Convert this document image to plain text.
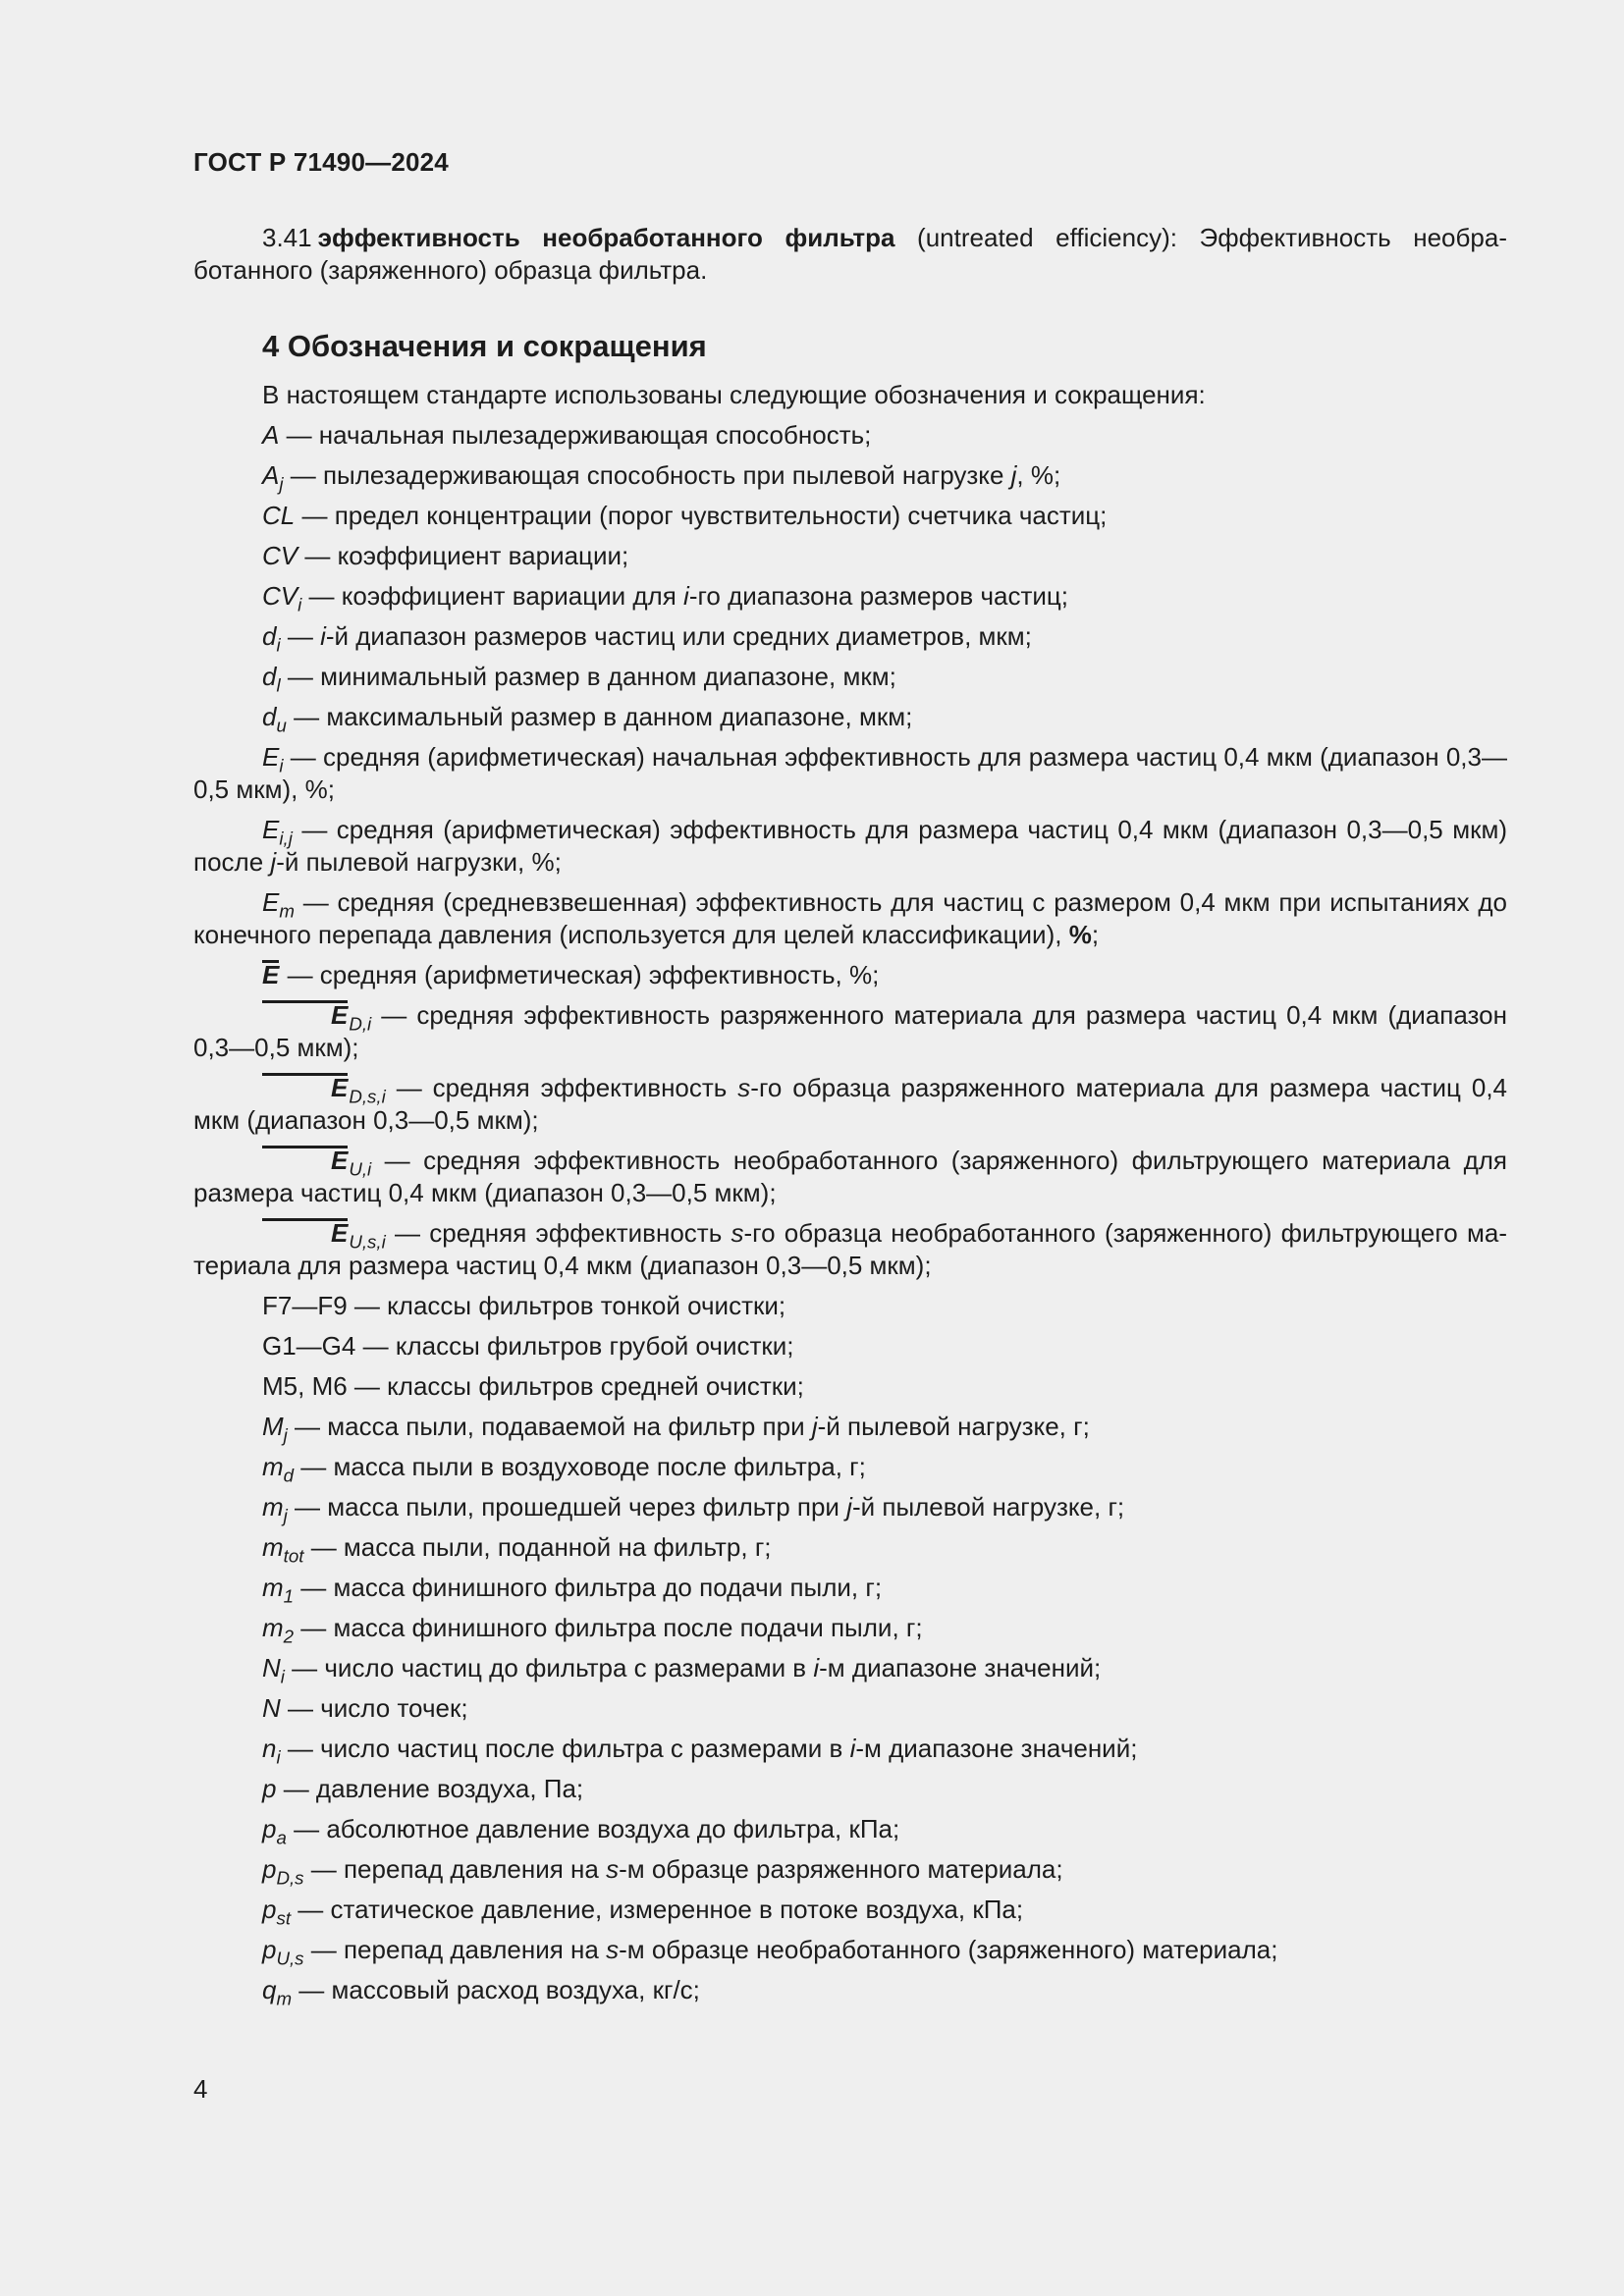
ГОСТ Р 71490—2024

3.41 эффективность необработанного фильтра (untreated efficiency): Эффективность необработанного (заряженного) образца фильтра.

4 Обозначения и сокращения
В настоящем стандарте использованы следующие обозначения и сокращения:
A — начальная пылезадерживающая способность;
$A_j$ — пылезадерживающая способность при пылевой нагрузке j, %;
CL — предел концентрации (порог чувствительности) счетчика частиц;
CV — коэффициент вариации;
$CV_i$ — коэффициент вариации для i-го диапазона размеров частиц;
$d_i$ — i-й диапазон размеров частиц или средних диаметров, мкм;
$d_l$ — минимальный размер в данном диапазоне, мкм;
$d_u$ — максимальный размер в данном диапазоне, мкм;
$E_i$ — средняя (арифметическая) начальная эффективность для размера частиц 0,4 мкм (диапазон 0,3—0,5 мкм), %;
$E_{i,j}$ — средняя (арифметическая) эффективность для размера частиц 0,4 мкм (диапазон 0,3—0,5 мкм) после j-й пылевой нагрузки, %;
$E_m$ — средняя (средневзвешенная) эффективность для частиц с размером 0,4 мкм при испытаниях до конечного перепада давления (используется для целей классификации), %;
E — средняя (арифметическая) эффективность, %;
$E_{D,i}$ — средняя эффективность разряженного материала для размера частиц 0,4 мкм (диапазон 0,3—0,5 мкм);
$E_{D,s,i}$ — средняя эффективность s-го образца разряженного материала для размера частиц 0,4 мкм (диапазон 0,3—0,5 мкм);
$E_{U,i}$ — средняя эффективность необработанного (заряженного) фильтрующего материала для размера частиц 0,4 мкм (диапазон 0,3—0,5 мкм);
$E_{U,s,i}$ — средняя эффективность s-го образца необработанного (заряженного) фильтрующего материала для размера частиц 0,4 мкм (диапазон 0,3—0,5 мкм);
F7—F9 — классы фильтров тонкой очистки;
G1—G4 — классы фильтров грубой очистки;
M5, M6 — классы фильтров средней очистки;
$M_j$ — масса пыли, подаваемой на фильтр при j-й пылевой нагрузке, г;
$m_d$ — масса пыли в воздуховоде после фильтра, г;
$m_j$ — масса пыли, прошедшей через фильтр при j-й пылевой нагрузке, г;
$m_{tot}$ — масса пыли, поданной на фильтр, г;
$m_1$ — масса финишного фильтра до подачи пыли, г;
$m_2$ — масса финишного фильтра после подачи пыли, г;
$N_i$ — число частиц до фильтра с размерами в i-м диапазоне значений;
N — число точек;
$n_i$ — число частиц после фильтра с размерами в i-м диапазоне значений;
p — давление воздуха, Па;
$p_a$ — абсолютное давление воздуха до фильтра, кПа;
$p_{D,s}$ — перепад давления на s-м образце разряженного материала;
$p_{st}$ — статическое давление, измеренное в потоке воздуха, кПа;
$p_{U,s}$ — перепад давления на s-м образце необработанного (заряженного) материала;
$q_m$ — массовый расход воздуха, кг/с;
4
